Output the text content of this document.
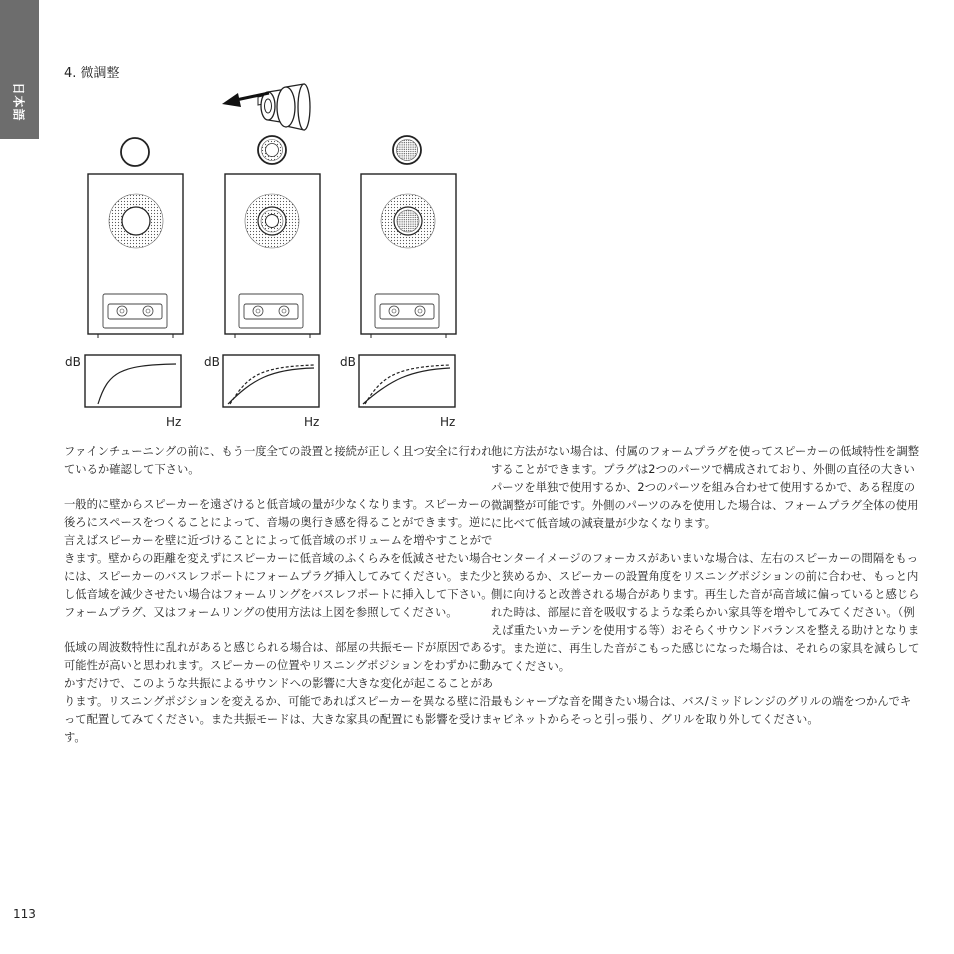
日本語
4. 微調整
dB
Hz
dB
Hz
dB
Hz

ファインチューニングの前に、もう一度全ての設置と接続が正しく且つ安全に行われているか確認して下さい。

一般的に壁からスピーカーを遠ざけると低音域の量が少なくなります。スピーカーの後ろにスペースをつくることによって、音場の奥行き感を得ることができます。逆に言えばスピーカーを壁に近づけることによって低音域のボリュームを増やすことができます。壁からの距離を変えずにスピーカーに低音域のふくらみを低減させたい場合には、スピーカーのバスレフポートにフォームプラグ挿入してみてください。また少し低音域を減少させたい場合はフォームリングをバスレフポートに挿入して下さい。フォームプラグ、又はフォームリングの使用方法は上図を参照してください。

低域の周波数特性に乱れがあると感じられる場合は、部屋の共振モードが原因である可能性が高いと思われます。スピーカーの位置やリスニングポジションをわずかに動かすだけで、このような共振によるサウンドへの影響に大きな変化が起こることがあります。リスニングポジションを変えるか、可能であればスピーカーを異なる壁に沿って配置してみてください。また共振モードは、大きな家具の配置にも影響を受けます。

他に方法がない場合は、付属のフォームプラグを使ってスピーカーの低域特性を調整することができます。プラグは2つのパーツで構成されており、外側の直径の大きいパーツを単独で使用するか、2つのパーツを組み合わせて使用するかで、ある程度の微調整が可能です。外側のパーツのみを使用した場合は、フォームプラグ全体の使用に比べて低音域の減衰量が少なくなります。

センターイメージのフォーカスがあいまいな場合は、左右のスピーカーの間隔をもっと狭めるか、スピーカーの設置角度をリスニングポジションの前に合わせ、もっと内側に向けると改善される場合があります。再生した音が高音域に偏っていると感じられた時は、部屋に音を吸収するような柔らかい家具等を増やしてみてください。（例えば重たいカーテンを使用する等）おそらくサウンドバランスを整える助けとなります。また逆に、再生した音がこもった感じになった場合は、それらの家具を減らしてみてください。

最もシャープな音を聞きたい場合は、バス/ミッドレンジのグリルの端をつかんでキャビネットからそっと引っ張り、グリルを取り外してください。

113
